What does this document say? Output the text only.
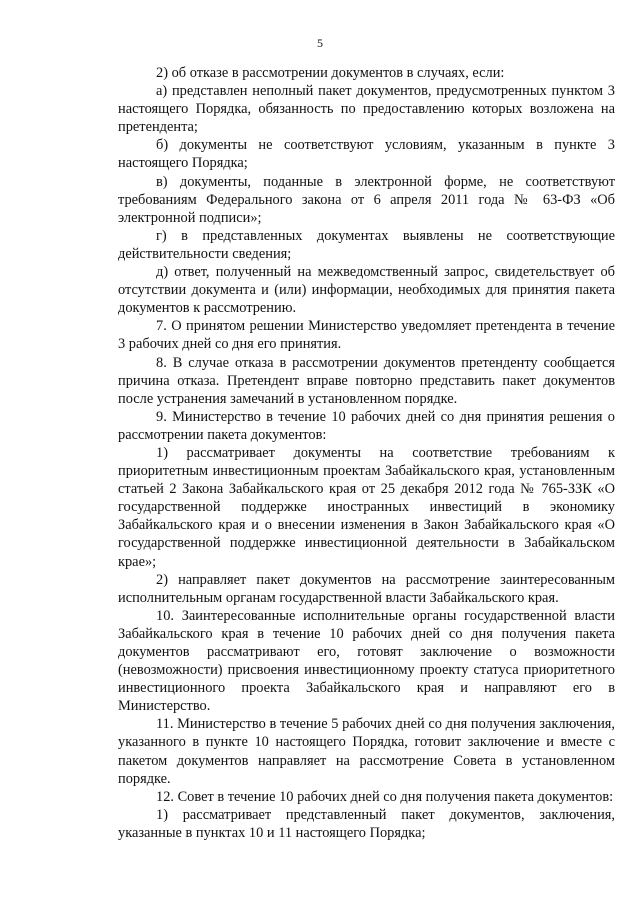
5

2) об отказе в рассмотрении документов в случаях, если:

а) представлен неполный пакет документов, предусмотренных пунктом 3 настоящего Порядка, обязанность по предоставлению которых возложена на претендента;

б) документы не соответствуют условиям, указанным в пункте 3 настоящего Порядка;

в) документы, поданные в электронной форме, не соответствуют требованиям Федерального закона от 6 апреля 2011 года № 63-ФЗ «Об электронной подписи»;

г) в представленных документах выявлены не соответствующие действительности сведения;

д) ответ, полученный на межведомственный запрос, свидетельствует об отсутствии документа и (или) информации, необходимых для принятия пакета документов к рассмотрению.

7. О принятом решении Министерство уведомляет претендента в течение 3 рабочих дней со дня его принятия.

8. В случае отказа в рассмотрении документов претенденту сообщается причина отказа. Претендент вправе повторно представить пакет документов после устранения замечаний в установленном порядке.

9. Министерство в течение 10 рабочих дней со дня принятия решения о рассмотрении пакета документов:

1) рассматривает документы на соответствие требованиям к приоритетным инвестиционным проектам Забайкальского края, установленным статьей 2 Закона Забайкальского края от 25 декабря 2012 года № 765-ЗЗК «О государственной поддержке иностранных инвестиций в экономику Забайкальского края и о внесении изменения в Закон Забайкальского края «О государственной поддержке инвестиционной деятельности в Забайкальском крае»;

2) направляет пакет документов на рассмотрение заинтересованным исполнительным органам государственной власти Забайкальского края.

10. Заинтересованные исполнительные органы государственной власти Забайкальского края в течение 10 рабочих дней со дня получения пакета документов рассматривают его, готовят заключение о возможности (невозможности) присвоения инвестиционному проекту статуса приоритетного инвестиционного проекта Забайкальского края и направляют его в Министерство.

11. Министерство в течение 5 рабочих дней со дня получения заключения, указанного в пункте 10 настоящего Порядка, готовит заключение и вместе с пакетом документов направляет на рассмотрение Совета в установленном порядке.

12. Совет в течение 10 рабочих дней со дня получения пакета документов:

1) рассматривает представленный пакет документов, заключения, указанные в пунктах 10 и 11 настоящего Порядка;
